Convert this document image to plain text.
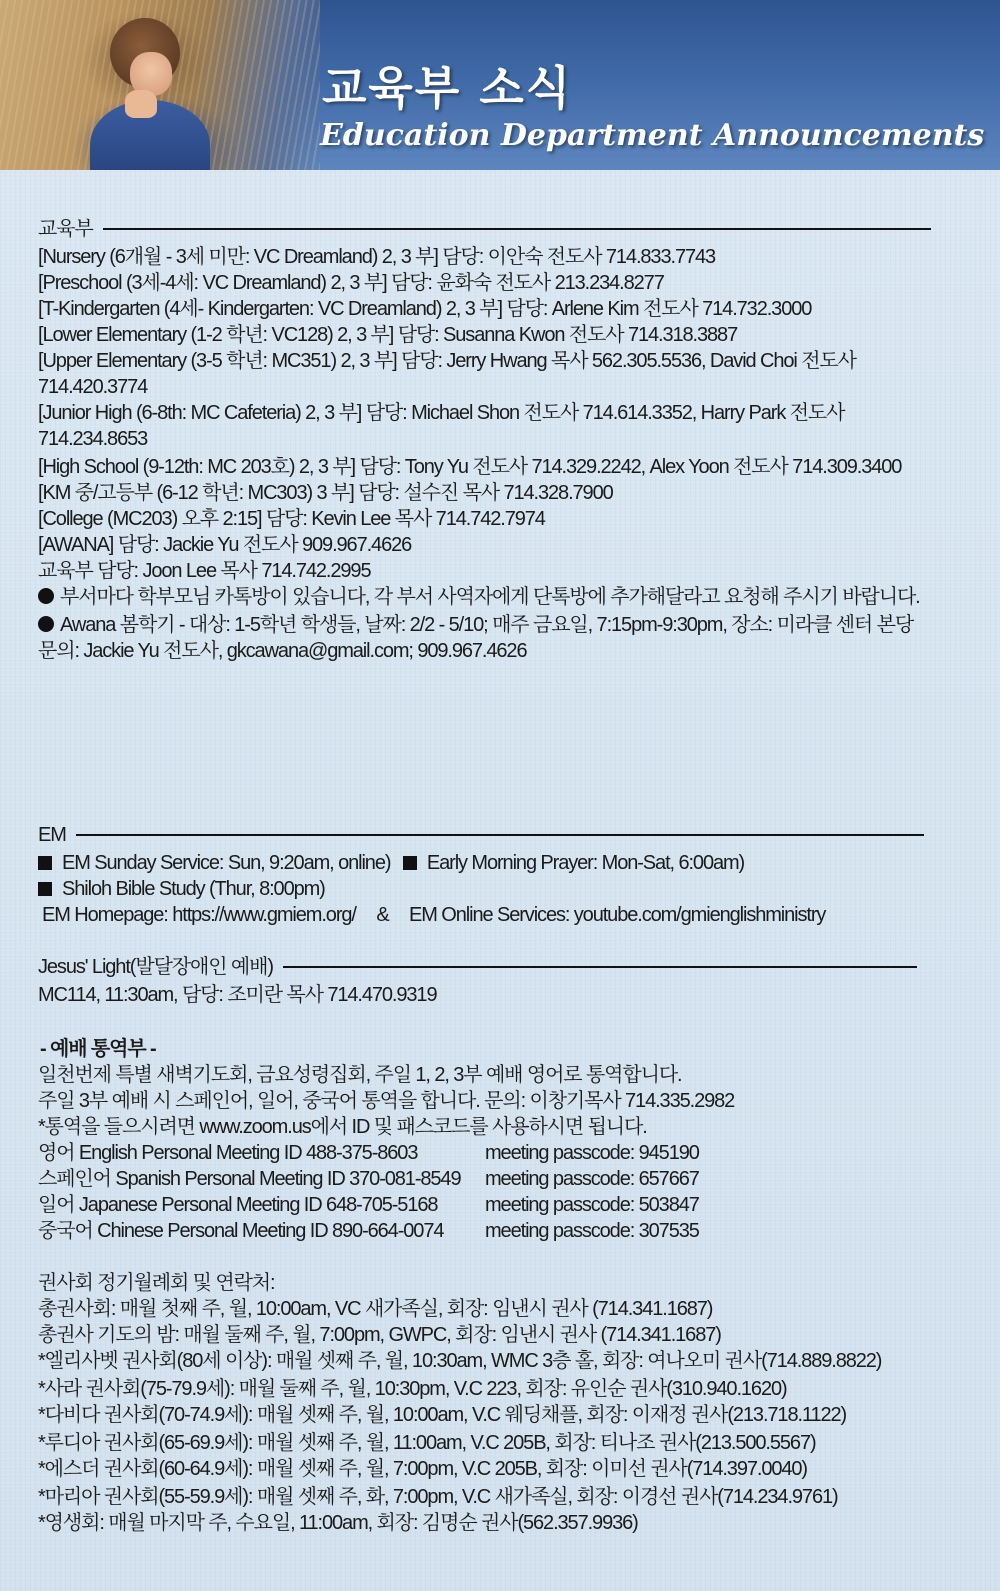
교육부 소식
Education Department Announcements
교육부
[Nursery (6개월 - 3세 미만: VC Dreamland) 2, 3 부] 담당: 이안숙 전도사 714.833.7743
[Preschool (3세-4세: VC Dreamland) 2, 3 부] 담당: 윤화숙 전도사 213.234.8277
[T-Kindergarten (4세- Kindergarten: VC Dreamland) 2, 3 부] 담당: Arlene Kim 전도사 714.732.3000
[Lower Elementary (1-2 학년: VC128) 2, 3 부] 담당: Susanna Kwon 전도사 714.318.3887
[Upper Elementary (3-5 학년: MC351) 2, 3 부] 담당: Jerry Hwang 목사 562.305.5536, David Choi 전도사
714.420.3774
[Junior High (6-8th: MC Cafeteria) 2, 3 부] 담당: Michael Shon 전도사 714.614.3352, Harry Park 전도사
714.234.8653
[High School (9-12th: MC 203호) 2, 3 부] 담당: Tony Yu 전도사 714.329.2242, Alex Yoon 전도사 714.309.3400
[KM 중/고등부 (6-12 학년: MC303) 3 부] 담당: 설수진 목사 714.328.7900
[College (MC203) 오후 2:15] 담당: Kevin Lee 목사 714.742.7974
[AWANA] 담당: Jackie Yu 전도사 909.967.4626
교육부 담당: Joon Lee 목사 714.742.2995
부서마다 학부모님 카톡방이 있습니다, 각 부서 사역자에게 단톡방에 추가해달라고 요청해 주시기 바랍니다.
Awana 봄학기 - 대상: 1-5학년 학생들, 날짜: 2/2 - 5/10; 매주 금요일, 7:15pm-9:30pm, 장소: 미라클 센터 본당
문의: Jackie Yu 전도사, gkcawana@gmail.com; 909.967.4626
EM
EM Sunday Service: Sun, 9:20am, online) Early Morning Prayer: Mon-Sat, 6:00am)
Shiloh Bible Study (Thur, 8:00pm)
EM Homepage: https://www.gmiem.org/ & EM Online Services: youtube.com/gmienglishministry
Jesus' Light(발달장애인 예배)
MC114, 11:30am, 담당: 조미란 목사 714.470.9319
- 예배 통역부 -
일천번제 특별 새벽기도회, 금요성령집회, 주일 1, 2, 3부 예배 영어로 통역합니다.
주일 3부 예배 시 스페인어, 일어, 중국어 통역을 합니다. 문의: 이창기목사 714.335.2982
*통역을 들으시려면 www.zoom.us에서 ID 및 패스코드를 사용하시면 됩니다.
영어 English Personal Meeting ID 488-375-8603	meeting passcode: 945190
스페인어 Spanish Personal Meeting ID 370-081-8549 meeting passcode: 657667
일어 Japanese Personal Meeting ID 648-705-5168 meeting passcode: 503847
중국어 Chinese Personal Meeting ID 890-664-0074 meeting passcode: 307535
권사회 정기월례회 및 연락처:
총권사회: 매월 첫째 주, 월, 10:00am, VC 새가족실, 회장: 임낸시 권사 (714.341.1687)
총권사 기도의 밤: 매월 둘째 주, 월, 7:00pm, GWPC, 회장: 임낸시 권사 (714.341.1687)
*엘리사벳 권사회(80세 이상): 매월 셋째 주, 월, 10:30am, WMC 3층 홀, 회장: 여나오미 권사(714.889.8822)
*사라 권사회(75-79.9세): 매월 둘째 주, 월, 10:30pm, V.C 223, 회장: 유인순 권사(310.940.1620)
*다비다 권사회(70-74.9세): 매월 셋째 주, 월, 10:00am, V.C 웨딩채플, 회장: 이재정 권사(213.718.1122)
*루디아 권사회(65-69.9세): 매월 셋째 주, 월, 11:00am, V.C 205B, 회장: 티나조 권사(213.500.5567)
*에스더 권사회(60-64.9세): 매월 셋째 주, 월, 7:00pm, V.C 205B, 회장: 이미선 권사(714.397.0040)
*마리아 권사회(55-59.9세): 매월 셋째 주, 화, 7:00pm, V.C 새가족실, 회장: 이경선 권사(714.234.9761)
*영생회: 매월 마지막 주, 수요일, 11:00am, 회장: 김명순 권사(562.357.9936)
